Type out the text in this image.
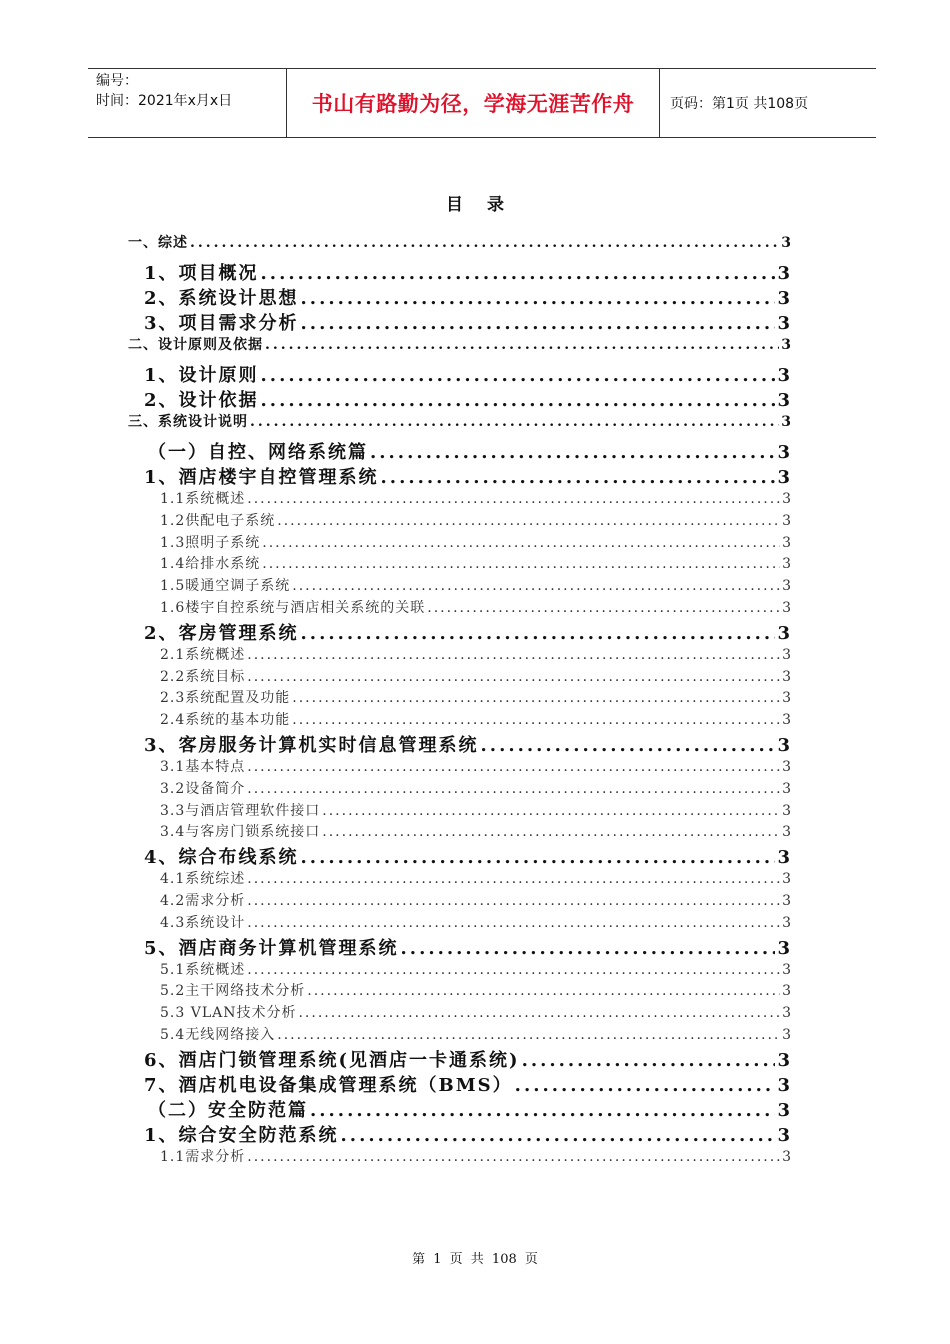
编号：
时间：2021年x月x日	书山有路勤为径，学海无涯苦作舟	页码：第1页 共108页
目录
一、综述 .....	3
1、项目概况 .....	3
2、系统设计思想 .....	3
3、项目需求分析 .....	3
二、设计原则及依据 .....	3
1、设计原则 .....	3
2、设计依据 .....	3
三、系统设计说明 .....	3
（一）自控、网络系统篇 .....	3
1、酒店楼宇自控管理系统 .....	3
1.1系统概述 .....	3
1.2供配电子系统 .....	3
1.3照明子系统 .....	3
1.4给排水系统 .....	3
1.5暖通空调子系统 .....	3
1.6楼宇自控系统与酒店相关系统的关联 .....	3
2、客房管理系统 .....	3
2.1系统概述 .....	3
2.2系统目标 .....	3
2.3系统配置及功能 .....	3
2.4系统的基本功能 .....	3
3、客房服务计算机实时信息管理系统 .....	3
3.1基本特点 .....	3
3.2设备简介 .....	3
3.3与酒店管理软件接口 .....	3
3.4与客房门锁系统接口 .....	3
4、综合布线系统 .....	3
4.1系统综述 .....	3
4.2需求分析 .....	3
4.3系统设计 .....	3
5、酒店商务计算机管理系统 .....	3
5.1系统概述 .....	3
5.2主干网络技术分析 .....	3
5.3 VLAN技术分析 .....	3
5.4无线网络接入 .....	3
6、酒店门锁管理系统(见酒店一卡通系统) .....	3
7、酒店机电设备集成管理系统（BMS） .....	3
（二）安全防范篇 .....	3
1、综合安全防范系统 .....	3
1.1需求分析 .....	3
第 1 页 共 108 页
